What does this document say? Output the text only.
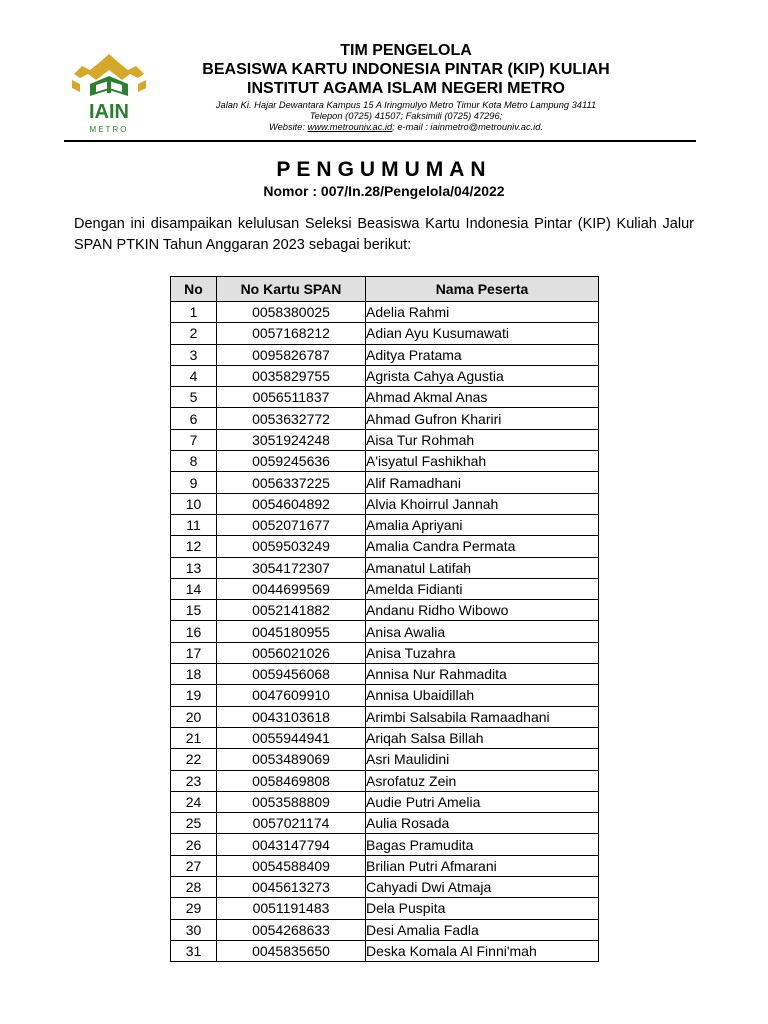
IAIN
METRO
TIM PENGELOLA
BEASISWA KARTU INDONESIA PINTAR (KIP) KULIAH
INSTITUT AGAMA ISLAM NEGERI METRO
Jalan Ki. Hajar Dewantara Kampus 15 A Iringmulyo Metro Timur Kota Metro Lampung 34111
Telepon (0725) 41507; Faksimili (0725) 47296;
Website: www.metrouniv.ac.id; e-mail : iainmetro@metrouniv.ac.id.
PENGUMUMAN
Nomor : 007/In.28/Pengelola/04/2022
Dengan ini disampaikan kelulusan Seleksi Beasiswa Kartu Indonesia Pintar (KIP) Kuliah Jalur SPAN PTKIN Tahun Anggaran 2023 sebagai berikut:
No	No Kartu SPAN	Nama Peserta
1	0058380025	Adelia Rahmi
2	0057168212	Adian Ayu Kusumawati
3	0095826787	Aditya Pratama
4	0035829755	Agrista Cahya Agustia
5	0056511837	Ahmad Akmal Anas
6	0053632772	Ahmad Gufron Khariri
7	3051924248	Aisa Tur Rohmah
8	0059245636	A'isyatul Fashikhah
9	0056337225	Alif Ramadhani
10	0054604892	Alvia Khoirrul Jannah
11	0052071677	Amalia Apriyani
12	0059503249	Amalia Candra Permata
13	3054172307	Amanatul Latifah
14	0044699569	Amelda Fidianti
15	0052141882	Andanu Ridho Wibowo
16	0045180955	Anisa Awalia
17	0056021026	Anisa Tuzahra
18	0059456068	Annisa Nur Rahmadita
19	0047609910	Annisa Ubaidillah
20	0043103618	Arimbi Salsabila Ramaadhani
21	0055944941	Ariqah Salsa Billah
22	0053489069	Asri Maulidini
23	0058469808	Asrofatuz Zein
24	0053588809	Audie Putri Amelia
25	0057021174	Aulia Rosada
26	0043147794	Bagas Pramudita
27	0054588409	Brilian Putri Afmarani
28	0045613273	Cahyadi Dwi Atmaja
29	0051191483	Dela Puspita
30	0054268633	Desi Amalia Fadla
31	0045835650	Deska Komala Al Finni'mah
